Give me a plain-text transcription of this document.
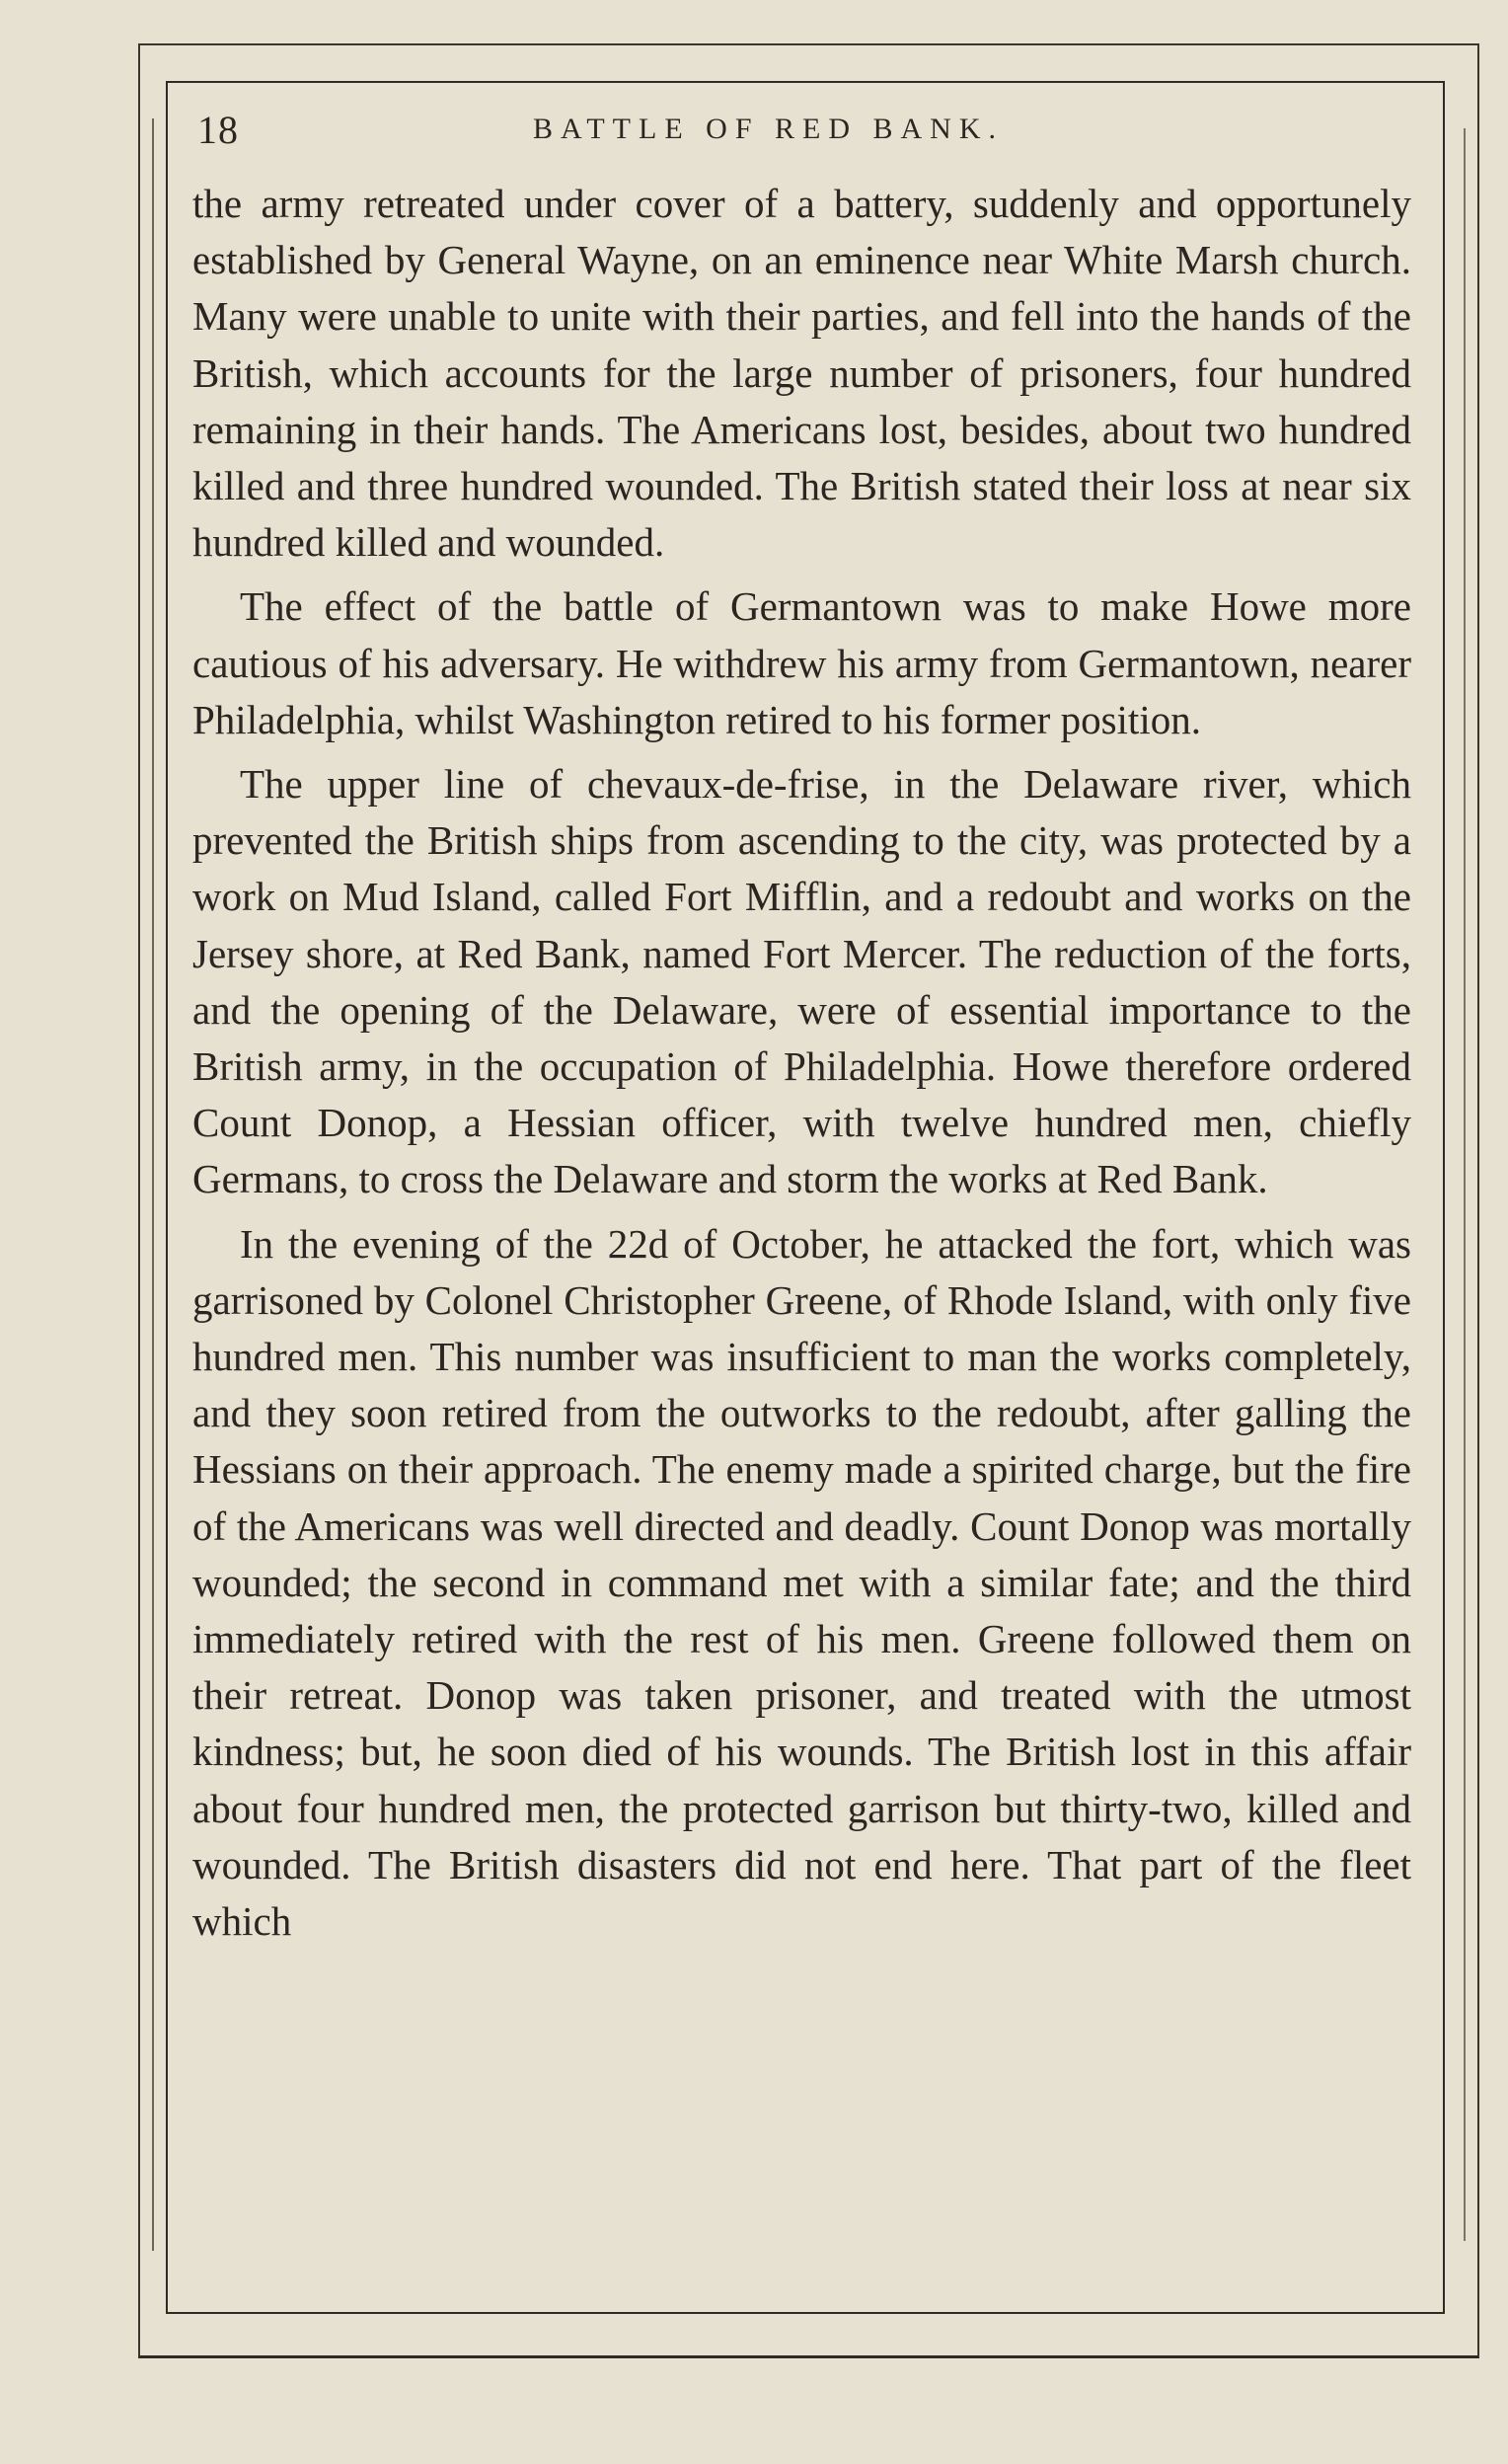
18	BATTLE OF RED BANK.

the army retreated under cover of a battery, suddenly and opportunely established by General Wayne, on an eminence near White Marsh church. Many were unable to unite with their parties, and fell into the hands of the British, which accounts for the large number of prisoners, four hundred remaining in their hands. The Americans lost, besides, about two hundred killed and three hundred wounded. The British stated their loss at near six hundred killed and wounded.

The effect of the battle of Germantown was to make Howe more cautious of his adversary. He withdrew his army from Germantown, nearer Philadelphia, whilst Washington retired to his former position.

The upper line of chevaux-de-frise, in the Delaware river, which prevented the British ships from ascending to the city, was protected by a work on Mud Island, called Fort Mifflin, and a redoubt and works on the Jersey shore, at Red Bank, named Fort Mercer. The reduction of the forts, and the opening of the Delaware, were of essential importance to the British army, in the occupation of Philadelphia. Howe therefore ordered Count Donop, a Hessian officer, with twelve hundred men, chiefly Germans, to cross the Delaware and storm the works at Red Bank.

In the evening of the 22d of October, he attacked the fort, which was garrisoned by Colonel Christopher Greene, of Rhode Island, with only five hundred men. This number was insufficient to man the works completely, and they soon retired from the outworks to the redoubt, after galling the Hessians on their approach. The enemy made a spirited charge, but the fire of the Americans was well directed and deadly. Count Donop was mortally wounded; the second in command met with a similar fate; and the third immediately retired with the rest of his men. Greene followed them on their retreat. Donop was taken prisoner, and treated with the utmost kindness; but, he soon died of his wounds. The British lost in this affair about four hundred men, the protected garrison but thirty-two, killed and wounded. The British disasters did not end here. That part of the fleet which
